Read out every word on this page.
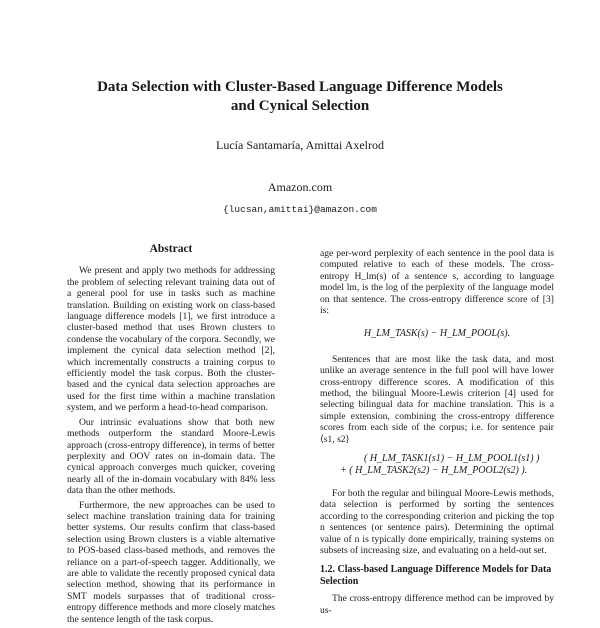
Data Selection with Cluster-Based Language Difference Models
and Cynical Selection
Lucía Santamaría, Amittai Axelrod
Amazon.com
{lucsan,amittai}@amazon.com
Abstract

We present and apply two methods for addressing the problem of selecting relevant training data out of a general pool for use in tasks such as machine translation. Building on existing work on class-based language difference models [1], we first introduce a cluster-based method that uses Brown clusters to condense the vocabulary of the corpora. Secondly, we implement the cynical data selection method [2], which incrementally constructs a training corpus to efficiently model the task corpus. Both the cluster-based and the cynical data selection approaches are used for the first time within a machine translation system, and we perform a head-to-head comparison.

Our intrinsic evaluations show that both new methods outperform the standard Moore-Lewis approach (cross-entropy difference), in terms of better perplexity and OOV rates on in-domain data. The cynical approach converges much quicker, covering nearly all of the in-domain vocabulary with 84% less data than the other methods.

Furthermore, the new approaches can be used to select machine translation training data for training better systems. Our results confirm that class-based selection using Brown clusters is a viable alternative to POS-based class-based methods, and removes the reliance on a part-of-speech tagger. Additionally, we are able to validate the recently proposed cynical data selection method, showing that its performance in SMT models surpasses that of traditional cross-entropy difference methods and more closely matches the sentence length of the task corpus.

age per-word perplexity of each sentence in the pool data is computed relative to each of these models. The cross-entropy H_lm(s) of a sentence s, according to language model lm, is the log of the perplexity of the language model on that sentence. The cross-entropy difference score of [3] is:

H_LM_TASK(s) − H_LM_POOL(s).

Sentences that are most like the task data, and most unlike an average sentence in the full pool will have lower cross-entropy difference scores. A modification of this method, the bilingual Moore-Lewis criterion [4] used for selecting bilingual data for machine translation. This is a simple extension, combining the cross-entropy difference scores from each side of the corpus; i.e. for sentence pair ⟨s1, s2⟩

( H_LM_TASK1(s1) − H_LM_POOL1(s1) )
+ ( H_LM_TASK2(s2) − H_LM_POOL2(s2) ).

For both the regular and bilingual Moore-Lewis methods, data selection is performed by sorting the sentences according to the corresponding criterion and picking the top n sentences (or sentence pairs). Determining the optimal value of n is typically done empirically, training systems on subsets of increasing size, and evaluating on a held-out set.

1.2. Class-based Language Difference Models for Data Selection

The cross-entropy difference method can be improved by us-
